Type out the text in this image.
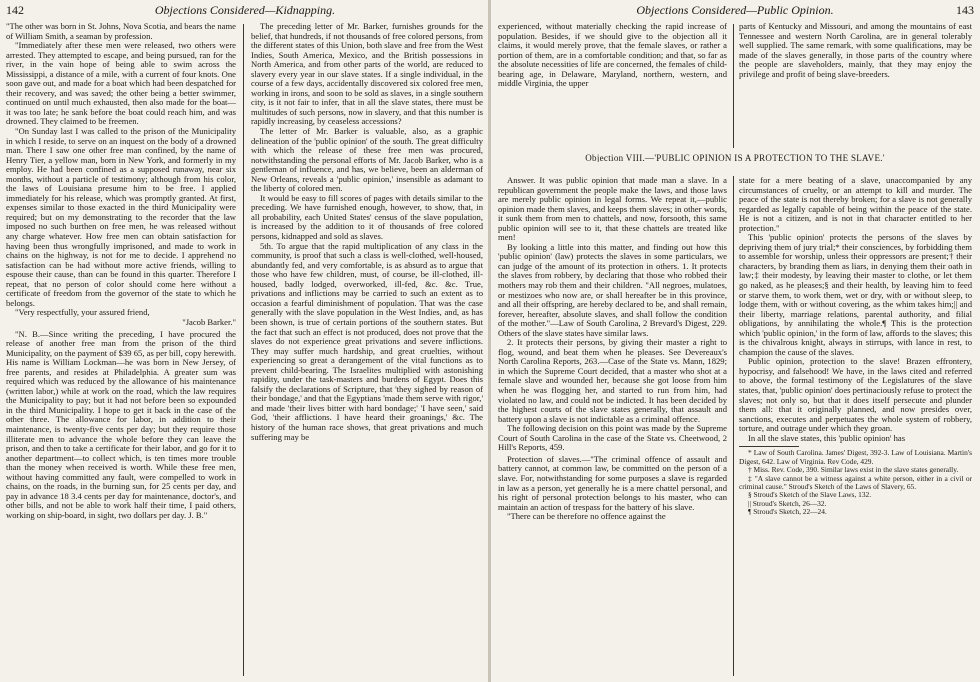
142	Objections Considered—Kidnapping.

"The other was born in St. Johns, Nova Scotia, and bears the name of William Smith, a seaman by profession.

"Immediately after these men were released, two others were arrested. They attempted to escape, and being pursued, ran for the river, in the vain hope of being able to swim across the Mississippi, a distance of a mile, with a current of four knots. One soon gave out, and made for a boat which had been despatched for their recovery, and was saved; the other being a better swimmer, continued on until much exhausted, then also made for the boat—it was too late; he sank before the boat could reach him, and was drowned. They claimed to be freemen.

"On Sunday last I was called to the prison of the Municipality in which I reside, to serve on an inquest on the body of a drowned man. There I saw one other free man confined, by the name of Henry Tier, a yellow man, born in New York, and formerly in my employ. He had been confined as a supposed runaway, near six months, without a particle of testimony; although from his color, the laws of Louisiana presume him to be free. I applied immediately for his release, which was promptly granted. At first, expenses similar to those exacted in the third Municipality were required; but on my demonstrating to the recorder that the law imposed no such burthen on free men, he was released without any charge whatever. How free men can obtain satisfaction for having been thus wrongfully imprisoned, and made to work in chains on the highway, is not for me to decide. I apprehend no satisfaction can be had without more active friends, willing to espouse their cause, than can be found in this quarter. Therefore I repeat, that no person of color should come here without a certificate of freedom from the governor of the state to which he belongs.

"Very respectfully, your assured friend,

"Jacob Barker."

"N. B.—Since writing the preceding, I have procured the release of another free man from the prison of the third Municipality, on the payment of $39 65, as per bill, copy herewith. His name is William Lockman—he was born in New Jersey, of free parents, and resides at Philadelphia. A greater sum was required which was reduced by the allowance of his maintenance (written labor,) while at work on the road, which the law requires the Municipality to pay; but it had not before been so expounded in the third Municipality. I hope to get it back in the case of the other three. The allowance for labor, in addition to their maintenance, is twenty-five cents per day; but they require those illiterate men to advance the whole before they can leave the prison, and then to take a certificate for their labor, and go for it to another department—to collect which, is ten times more trouble than the money when received is worth. While these free men, without having committed any fault, were compelled to work in chains, on the roads, in the burning sun, for 25 cents per day, and pay in advance 18 3.4 cents per day for maintenance, doctor's, and other bills, and not be able to work half their time, I paid others, working on ship-board, in sight, two dollars per day. J. B."

The preceding letter of Mr. Barker, furnishes grounds for the belief, that hundreds, if not thousands of free colored persons, from the different states of this Union, both slave and free from the West Indies, South America, Mexico, and the British possessions in North America, and from other parts of the world, are reduced to slavery every year in our slave states. If a single individual, in the course of a few days, accidentally discovered six colored free men, working in irons, and soon to be sold as slaves, in a single southern city, is it not fair to infer, that in all the slave states, there must be multitudes of such persons, now in slavery, and that this number is rapidly increasing, by ceaseless accessions?

The letter of Mr. Barker is valuable, also, as a graphic delineation of the 'public opinion' of the south. The great difficulty with which the release of these free men was procured, notwithstanding the personal efforts of Mr. Jacob Barker, who is a gentleman of influence, and has, we believe, been an alderman of New Orleans, reveals a 'public opinion,' insensible as adamant to the liberty of colored men.

It would be easy to fill scores of pages with details similar to the preceding. We have furnished enough, however, to show, that, in all probability, each United States' census of the slave population, is increased by the addition to it of thousands of free colored persons, kidnapped and sold as slaves.

5th. To argue that the rapid multiplication of any class in the community, is proof that such a class is well-clothed, well-housed, abundantly fed, and very comfortable, is as absurd as to argue that those who have few children, must, of course, be ill-clothed, ill-housed, badly lodged, overworked, ill-fed, &c. &c. True, privations and inflictions may be carried to such an extent as to occasion a fearful diminishment of population. That was the case generally with the slave population in the West Indies, and, as has been shown, is true of certain portions of the southern states. But the fact that such an effect is not produced, does not prove that the slaves do not experience great privations and severe inflictions. They may suffer much hardship, and great cruelties, without experiencing so great a derangement of the vital functions as to prevent child-bearing. The Israelites multiplied with astonishing rapidity, under the task-masters and burdens of Egypt. Does this falsify the declarations of Scripture, that 'they sighed by reason of their bondage,' and that the Egyptians 'made them serve with rigor,' and made 'their lives bitter with hard bondage;' 'I have seen,' said God, 'their afflictions. I have heard their groanings,' &c. The history of the human race shows, that great privations and much suffering may be

Objections Considered—Public Opinion.	143

experienced, without materially checking the rapid increase of population. Besides, if we should give to the objection all it claims, it would merely prove, that the female slaves, or rather a portion of them, are in a comfortable condition; and that, so far as the absolute necessities of life are concerned, the females of child-bearing age, in Delaware, Maryland, northern, western, and middle Virginia, the upper

parts of Kentucky and Missouri, and among the mountains of east Tennessee and western North Carolina, are in general tolerably well supplied. The same remark, with some qualifications, may be made of the slaves generally, in those parts of the country where the people are slaveholders, mainly, that they may enjoy the privilege and profit of being slave-breeders.

Objection VIII.—'PUBLIC OPINION IS A PROTECTION TO THE SLAVE.'

Answer. It was public opinion that made man a slave. In a republican government the people make the laws, and those laws are merely public opinion in legal forms. We repeat it,—public opinion made them slaves, and keeps them slaves; in other words, it sunk them from men to chattels, and now, forsooth, this same public opinion will see to it, that these chattels are treated like men!

By looking a little into this matter, and finding out how this 'public opinion' (law) protects the slaves in some particulars, we can judge of the amount of its protection in others. 1. It protects the slaves from robbery, by declaring that those who robbed their mothers may rob them and their children. "All negroes, mulatoes, or mestizoes who now are, or shall hereafter be in this province, and all their offspring, are hereby declared to be, and shall remain, forever, hereafter, absolute slaves, and shall follow the condition of the mother."—Law of South Carolina, 2 Brevard's Digest, 229. Others of the slave states have similar laws.

2. It protects their persons, by giving their master a right to flog, wound, and beat them when he pleases. See Devereaux's North Carolina Reports, 263.—Case of the State vs. Mann, 1829; in which the Supreme Court decided, that a master who shot at a female slave and wounded her, because she got loose from him when he was flogging her, and started to run from him, had violated no law, and could not be indicted. It has been decided by the highest courts of the slave states generally, that assault and battery upon a slave is not indictable as a criminal offence.

The following decision on this point was made by the Supreme Court of South Carolina in the case of the State vs. Cheetwood, 2 Hill's Reports, 459.

Protection of slaves.—"The criminal offence of assault and battery cannot, at common law, be committed on the person of a slave. For, notwithstanding for some purposes a slave is regarded in law as a person, yet generally he is a mere chattel personal, and his right of personal protection belongs to his master, who can maintain an action of trespass for the battery of his slave.

"There can be therefore no offence against the

state for a mere beating of a slave, unaccompanied by any circumstances of cruelty, or an attempt to kill and murder. The peace of the state is not thereby broken; for a slave is not generally regarded as legally capable of being within the peace of the state. He is not a citizen, and is not in that character entitled to her protection."

This 'public opinion' protects the persons of the slaves by depriving them of jury trial;* their consciences, by forbidding them to assemble for worship, unless their oppressors are present;† their characters, by branding them as liars, in denying them their oath in law;‡ their modesty, by leaving their master to clothe, or let them go naked, as he pleases;§ and their health, by leaving him to feed or starve them, to work them, wet or dry, with or without sleep, to lodge them, with or without covering, as the whim takes him;|| and their liberty, marriage relations, parental authority, and filial obligations, by annihilating the whole.¶ This is the protection which 'public opinion,' in the form of law, affords to the slaves; this is the chivalrous knight, always in stirrups, with lance in rest, to champion the cause of the slaves.

Public opinion, protection to the slave! Brazen effrontery, hypocrisy, and falsehood! We have, in the laws cited and referred to above, the formal testimony of the Legislatures of the slave states, that, 'public opinion' does pertinaciously refuse to protect the slaves; not only so, but that it does itself persecute and plunder them all: that it originally planned, and now presides over, sanctions, executes and perpetuates the whole system of robbery, torture, and outrage under which they groan.

In all the slave states, this 'public opinion' has

* Law of South Carolina. James' Digest, 392-3. Law of Louisiana. Martin's Digest, 642. Law of Virginia. Rev Code, 429.

† Miss. Rev. Code, 390. Similar laws exist in the slave states generally.

‡ "A slave cannot be a witness against a white person, either in a civil or criminal cause." Stroud's Sketch of the Laws of Slavery, 65.

§ Stroud's Sketch of the Slave Laws, 132.

|| Stroud's Sketch, 26—32.

¶ Stroud's Sketch, 22—24.
